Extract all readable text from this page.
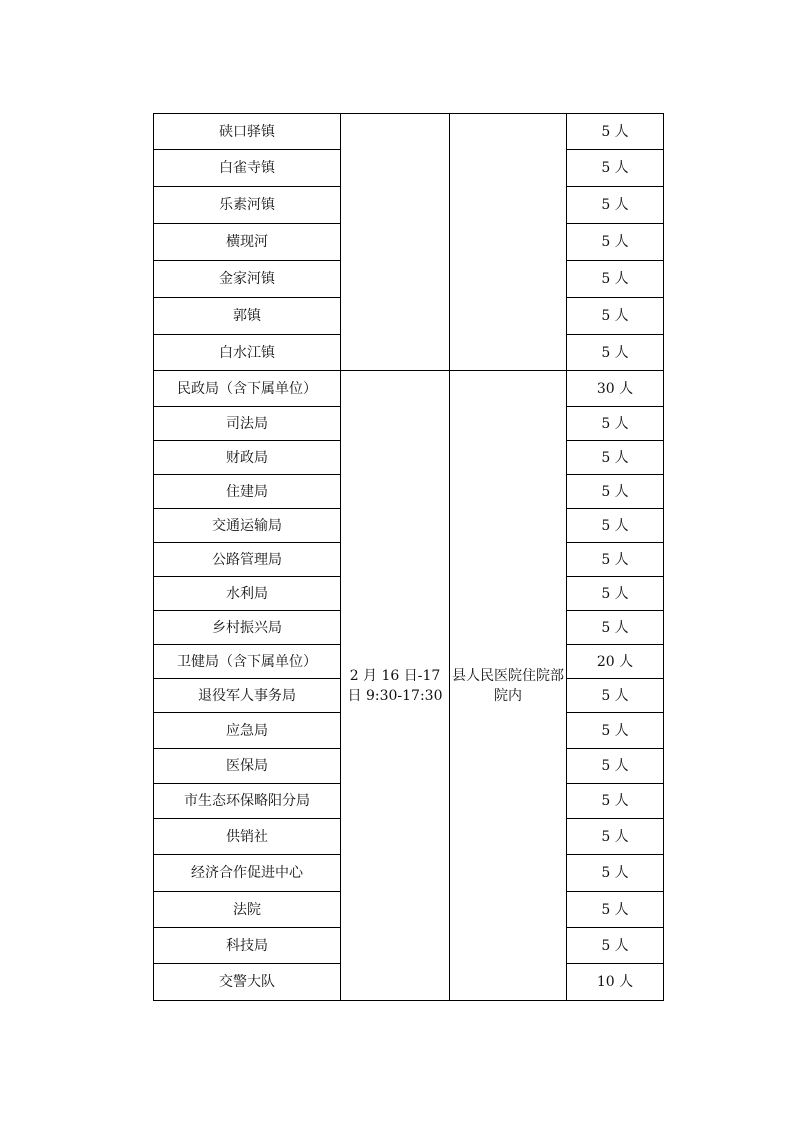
硖口驿镇			5 人
白雀寺镇			5 人
乐素河镇			5 人
横现河			5 人
金家河镇			5 人
郭镇			5 人
白水江镇			5 人
民政局（含下属单位）	2 月 16 日-17 日 9:30-17:30	县人民医院住院部院内	30 人
司法局			5 人
财政局			5 人
住建局			5 人
交通运输局			5 人
公路管理局			5 人
水利局			5 人
乡村振兴局			5 人
卫健局（含下属单位）			20 人
退役军人事务局			5 人
应急局			5 人
医保局			5 人
市生态环保略阳分局			5 人
供销社			5 人
经济合作促进中心			5 人
法院			5 人
科技局			5 人
交警大队			10 人
